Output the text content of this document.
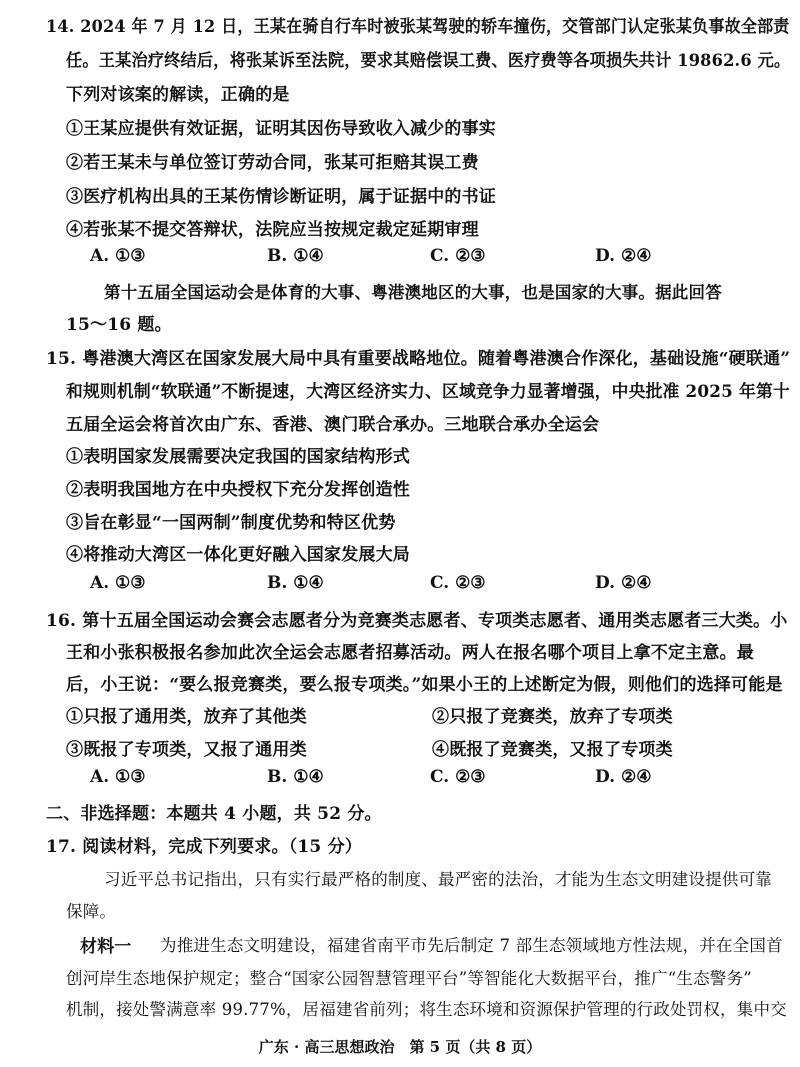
14. 2024 年 7 月 12 日，王某在骑自行车时被张某驾驶的轿车撞伤，交管部门认定张某负事故全部责
任。王某治疗终结后，将张某诉至法院，要求其赔偿误工费、医疗费等各项损失共计 19862.6 元。
下列对该案的解读，正确的是
①王某应提供有效证据，证明其因伤导致收入减少的事实
②若王某未与单位签订劳动合同，张某可拒赔其误工费
③医疗机构出具的王某伤情诊断证明，属于证据中的书证
④若张某不提交答辩状，法院应当按规定裁定延期审理
A. ①③	B. ①④	C. ②③	D. ②④
第十五届全国运动会是体育的大事、粤港澳地区的大事，也是国家的大事。据此回答
15～16 题。
15. 粤港澳大湾区在国家发展大局中具有重要战略地位。随着粤港澳合作深化，基础设施“硬联通”
和规则机制“软联通”不断提速，大湾区经济实力、区域竞争力显著增强，中央批准 2025 年第十
五届全运会将首次由广东、香港、澳门联合承办。三地联合承办全运会
①表明国家发展需要决定我国的国家结构形式
②表明我国地方在中央授权下充分发挥创造性
③旨在彰显“一国两制”制度优势和特区优势
④将推动大湾区一体化更好融入国家发展大局
A. ①③	B. ①④	C. ②③	D. ②④
16. 第十五届全国运动会赛会志愿者分为竞赛类志愿者、专项类志愿者、通用类志愿者三大类。小
王和小张积极报名参加此次全运会志愿者招募活动。两人在报名哪个项目上拿不定主意。最
后，小王说：“要么报竞赛类，要么报专项类。”如果小王的上述断定为假，则他们的选择可能是
①只报了通用类，放弃了其他类	②只报了竞赛类，放弃了专项类
③既报了专项类，又报了通用类	④既报了竞赛类，又报了专项类
A. ①③	B. ①④	C. ②③	D. ②④
二、非选择题：本题共 4 小题，共 52 分。
17. 阅读材料，完成下列要求。（15 分）
习近平总书记指出，只有实行最严格的制度、最严密的法治，才能为生态文明建设提供可靠
保障。
材料一 为推进生态文明建设，福建省南平市先后制定 7 部生态领域地方性法规，并在全国首
创河岸生态地保护规定；整合“国家公园智慧管理平台”等智能化大数据平台，推广“生态警务”
机制，接处警满意率 99.77%，居福建省前列；将生态环境和资源保护管理的行政处罚权，集中交
广东 · 高三思想政治　第 5 页（共 8 页）
